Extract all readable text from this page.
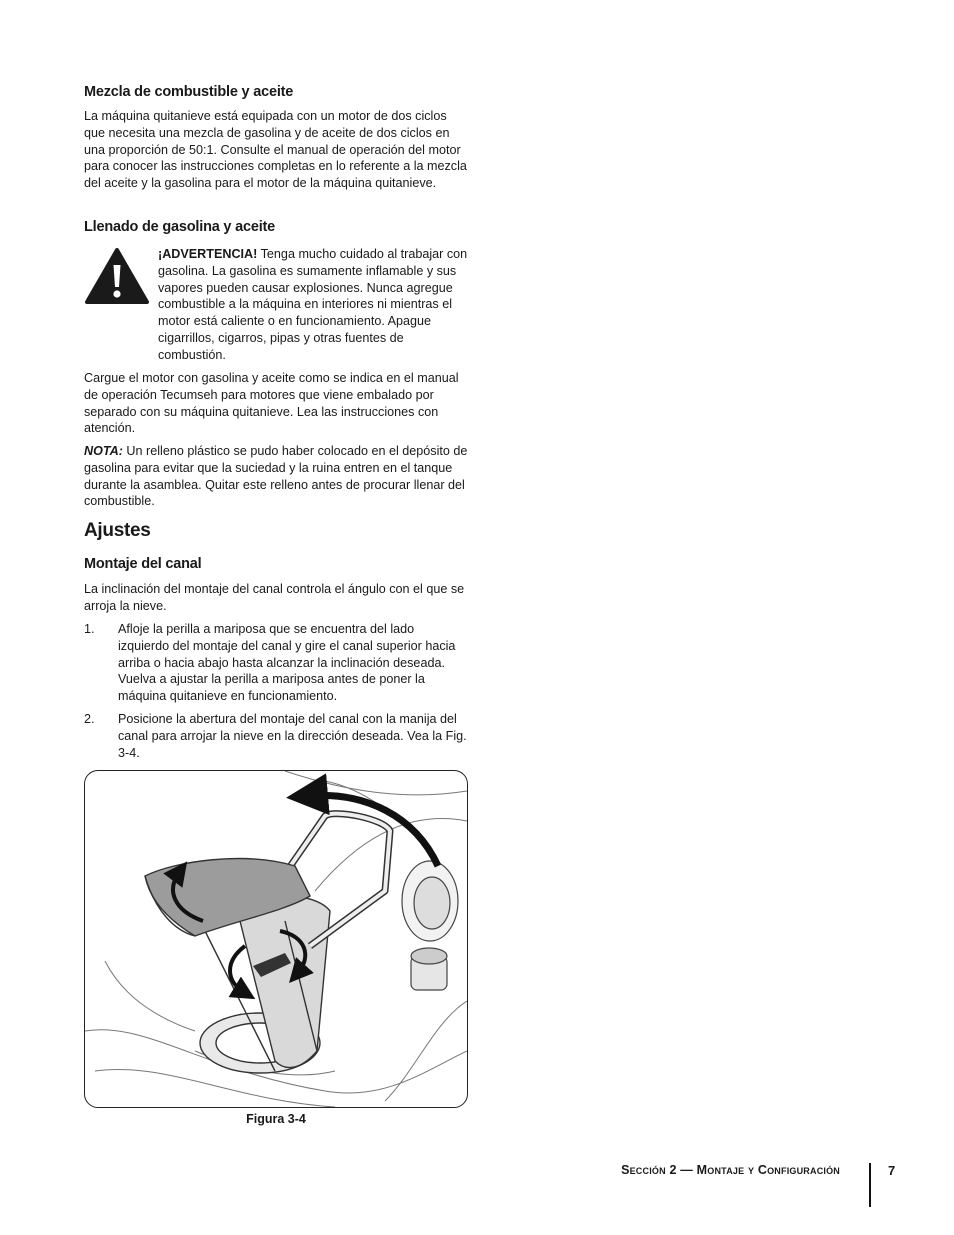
Mezcla de combustible y aceite

La máquina quitanieve está equipada con un motor de dos ciclos que necesita una mezcla de gasolina y de aceite de dos ciclos en una proporción de 50:1. Consulte el manual de operación del motor para conocer las instrucciones completas en lo referente a la mezcla del aceite y la gasolina para el motor de la máquina quitanieve.

Llenado de gasolina y aceite

¡ADVERTENCIA! Tenga mucho cuidado al trabajar con gasolina. La gasolina es sumamente inflamable y sus vapores pueden causar explosiones. Nunca agregue combustible a la máquina en interiores ni mientras el motor está caliente o en funcionamiento. Apague cigarrillos, cigarros, pipas y otras fuentes de combustión.

Cargue el motor con gasolina y aceite como se indica en el manual de operación Tecumseh para motores que viene embalado por separado con su máquina quitanieve. Lea las instrucciones con atención.

NOTA: Un relleno plástico se pudo haber colocado en el depósito de gasolina para evitar que la suciedad y la ruina entren en el tanque durante la asamblea. Quitar este relleno antes de procurar llenar del combustible.

Ajustes
Montaje del canal

La inclinación del montaje del canal controla el ángulo con el que se arroja la nieve.

1. Afloje la perilla a mariposa que se encuentra del lado izquierdo del montaje del canal y gire el canal superior hacia arriba o hacia abajo hasta alcanzar la inclinación deseada. Vuelva a ajustar la perilla a mariposa antes de poner la máquina quitanieve en funcionamiento.

2. Posicione la abertura del montaje del canal con la manija del canal para arrojar la nieve en la dirección deseada. Vea la Fig. 3-4.

Figura 3-4
Sección 2 — Montaje y Configuración	7
